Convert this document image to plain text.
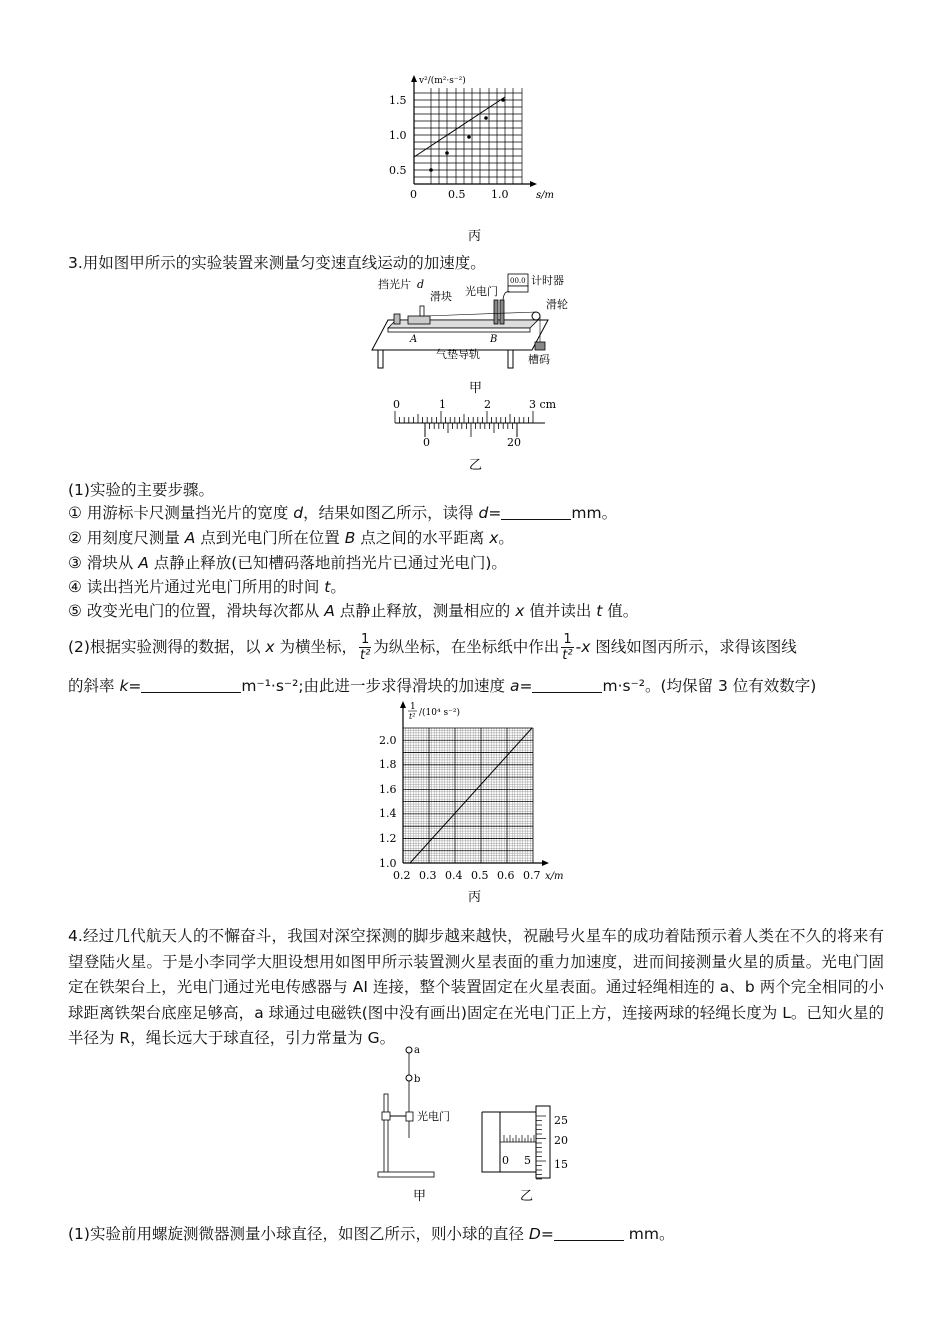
v²/(m²·s⁻²)
1.5
1.0
0.5
0	0.5 1.0	s/m
丙
3.用如图甲所示的实验装置来测量匀变速直线运动的加速度。
00.0
挡光片 d
滑块 光电门
计时器
滑轮
A	B
气垫导轨	槽码
甲
0	1	2	3 cm
0	20
乙
(1)实验的主要步骤。
① 用游标卡尺测量挡光片的宽度 d，结果如图乙所示，读得 d=	mm。
② 用刻度尺测量 A 点到光电门所在位置 B 点之间的水平距离 x。
③ 滑块从 A 点静止释放(已知槽码落地前挡光片已通过光电门)。
④ 读出挡光片通过光电门所用的时间 t。
⑤ 改变光电门的位置，滑块每次都从 A 点静止释放，测量相应的 x 值并读出 t 值。
(2)根据实验测得的数据，以 x 为横坐标， $\frac{1}{\text{t²}}$ 为纵坐标，在坐标纸中作出 $\frac{1}{\text{t²}} -x$ 图线如图丙所示，求得该图线
的斜率 k=	m⁻¹·s⁻²;由此进一步求得滑块的加速度 a=	m·s⁻²。(均保留 3 位有效数字)
1
t² /(10⁴ s⁻²)
2.0
1.8
1.6
1.4
1.2
1.0
0.2 0.3 0.4 0.5 0.6 0.7 x/m
丙
4.经过几代航天人的不懈奋斗，我国对深空探测的脚步越来越快，祝融号火星车的成功着陆预示着人类在不久的将来有望登陆火星。于是小李同学大胆设想用如图甲所示装置测火星表面的重力加速度，进而间接测量火星的质量。光电门固定在铁架台上，光电门通过光电传感器与 AI 连接，整个装置固定在火星表面。通过轻绳相连的 a、b 两个完全相同的小球距离铁架台底座足够高，a 球通过电磁铁(图中没有画出)固定在光电门正上方，连接两球的轻绳长度为 L。已知火星的半径为 R，绳长远大于球直径，引力常量为 G。
a
b
光电门
甲
0 5
25
20
15
乙
(1)实验前用螺旋测微器测量小球直径，如图乙所示，则小球的直径 D=	mm。
